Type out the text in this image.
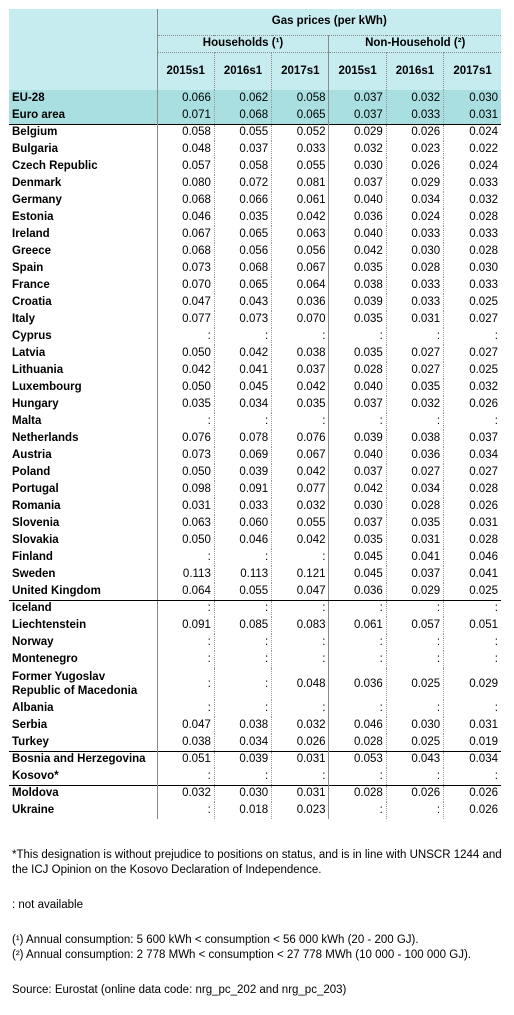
	Gas prices (per kWh)					
	Households (¹)			Non-Household (²)		
	2015s1	2016s1	2017s1	2015s1	2016s1	2017s1
EU-28	0.066	0.062	0.058	0.037	0.032	0.030
Euro area	0.071	0.068	0.065	0.037	0.033	0.031
Belgium	0.058	0.055	0.052	0.029	0.026	0.024
Bulgaria	0.048	0.037	0.033	0.032	0.023	0.022
Czech Republic	0.057	0.058	0.055	0.030	0.026	0.024
Denmark	0.080	0.072	0.081	0.037	0.029	0.033
Germany	0.068	0.066	0.061	0.040	0.034	0.032
Estonia	0.046	0.035	0.042	0.036	0.024	0.028
Ireland	0.067	0.065	0.063	0.040	0.033	0.033
Greece	0.068	0.056	0.056	0.042	0.030	0.028
Spain	0.073	0.068	0.067	0.035	0.028	0.030
France	0.070	0.065	0.064	0.038	0.033	0.033
Croatia	0.047	0.043	0.036	0.039	0.033	0.025
Italy	0.077	0.073	0.070	0.035	0.031	0.027
Cyprus	:	:	:	:	:	:
Latvia	0.050	0.042	0.038	0.035	0.027	0.027
Lithuania	0.042	0.041	0.037	0.028	0.027	0.025
Luxembourg	0.050	0.045	0.042	0.040	0.035	0.032
Hungary	0.035	0.034	0.035	0.037	0.032	0.026
Malta	:	:	:	:	:	:
Netherlands	0.076	0.078	0.076	0.039	0.038	0.037
Austria	0.073	0.069	0.067	0.040	0.036	0.034
Poland	0.050	0.039	0.042	0.037	0.027	0.027
Portugal	0.098	0.091	0.077	0.042	0.034	0.028
Romania	0.031	0.033	0.032	0.030	0.028	0.026
Slovenia	0.063	0.060	0.055	0.037	0.035	0.031
Slovakia	0.050	0.046	0.042	0.035	0.031	0.028
Finland	:	:	:	0.045	0.041	0.046
Sweden	0.113	0.113	0.121	0.045	0.037	0.041
United Kingdom	0.064	0.055	0.047	0.036	0.029	0.025
Iceland	:	:	:	:	:	:
Liechtenstein	0.091	0.085	0.083	0.061	0.057	0.051
Norway	:	:	:	:	:	:
Montenegro	:	:	:	:	:	:
Former Yugoslav Republic of Macedonia	:	:	0.048	0.036	0.025	0.029
Albania	:	:	:	:	:	:
Serbia	0.047	0.038	0.032	0.046	0.030	0.031
Turkey	0.038	0.034	0.026	0.028	0.025	0.019
Bosnia and Herzegovina	0.051	0.039	0.031	0.053	0.043	0.034
Kosovo*	:	:	:	:	:	:
Moldova	0.032	0.030	0.031	0.028	0.026	0.026
Ukraine	:	0.018	0.023	:	:	0.026

*This designation is without prejudice to positions on status, and is in line with UNSCR 1244 and the ICJ Opinion on the Kosovo Declaration of Independence.

: not available

(¹) Annual consumption: 5 600 kWh < consumption < 56 000 kWh (20 - 200 GJ).

(²) Annual consumption: 2 778 MWh < consumption < 27 778 MWh (10 000 - 100 000 GJ).

Source: Eurostat (online data code: nrg_pc_202 and nrg_pc_203)
